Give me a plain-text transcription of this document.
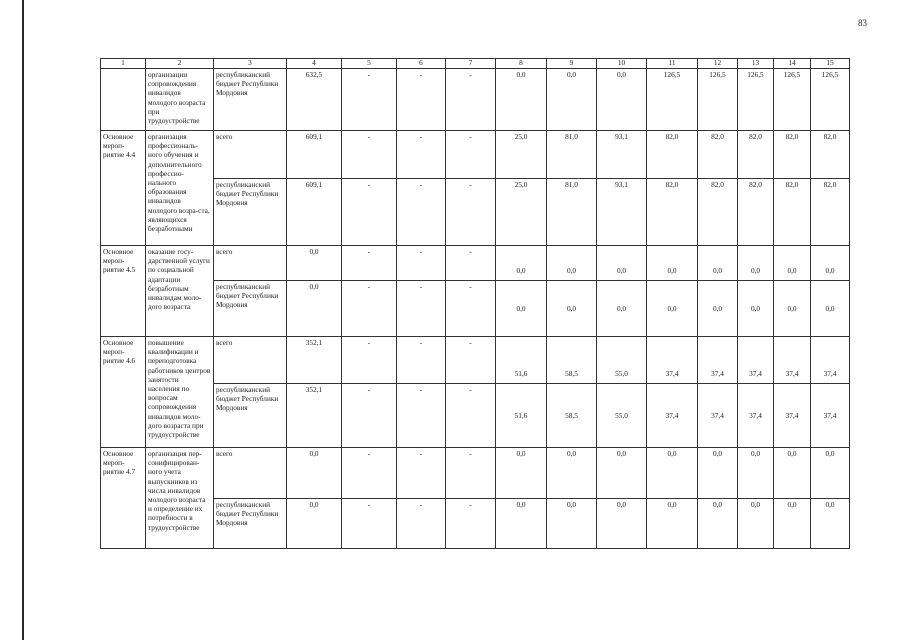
83
1	2	3	4	5	6	7	8	9	10	11	12	13	14	15
	организации сопровождения инвалидов молодого возраста при трудоустройстве	республиканский бюджет Республики Мордовия	632,5	-	-	-	0,0	0,0	0,0	126,5	126,5	126,5	126,5	126,5
Основное мероп-риятие 4.4	организация профессиональ-ного обучения и дополнительного профессио-нального образования инвалидов молодого возра-ста, являющихся безработными	всего	609,1	-	-	-	25,0	81,0	93,1	82,0	82,0	82,0	82,0	82,0
		республиканский бюджет Республики Мордовия	609,1	-	-	-	25,0	81,0	93,1	82,0	82,0	82,0	82,0	82,0
Основное мероп-риятие 4.5	оказание госу-дарственной услуги по социальной адаптации безработным инвалидам моло-дого возраста	всего	0,0	-	-	-	0,0	0,0	0,0	0,0	0,0	0,0	0,0	0,0
		республиканский бюджет Республики Мордовия	0,0	-	-	-	0,0	0,0	0,0	0,0	0,0	0,0	0,0	0,0
Основное мероп-риятие 4.6	повышение квалификации и переподготовка работников центров занятости населения по вопросам сопровождения инвалидов моло-дого возраста при трудоустройстве	всего	352,1	-	-	-	51,6	58,5	55,0	37,4	37,4	37,4	37,4	37,4
		республиканский бюджет Республики Мордовия	352,1	-	-	-	51,6	58,5	55,0	37,4	37,4	37,4	37,4	37,4
Основное мероп-риятие 4.7	организация пер-сонифицирован-ного учета выпускников из числа инвалидов молодого возраста и определение их потребности в трудоустройстве	всего	0,0	-	-	-	0,0	0,0	0,0	0,0	0,0	0,0	0,0	0,0
		республиканский бюджет Республики Мордовия	0,0	-	-	-	0,0	0,0	0,0	0,0	0,0	0,0	0,0	0,0
